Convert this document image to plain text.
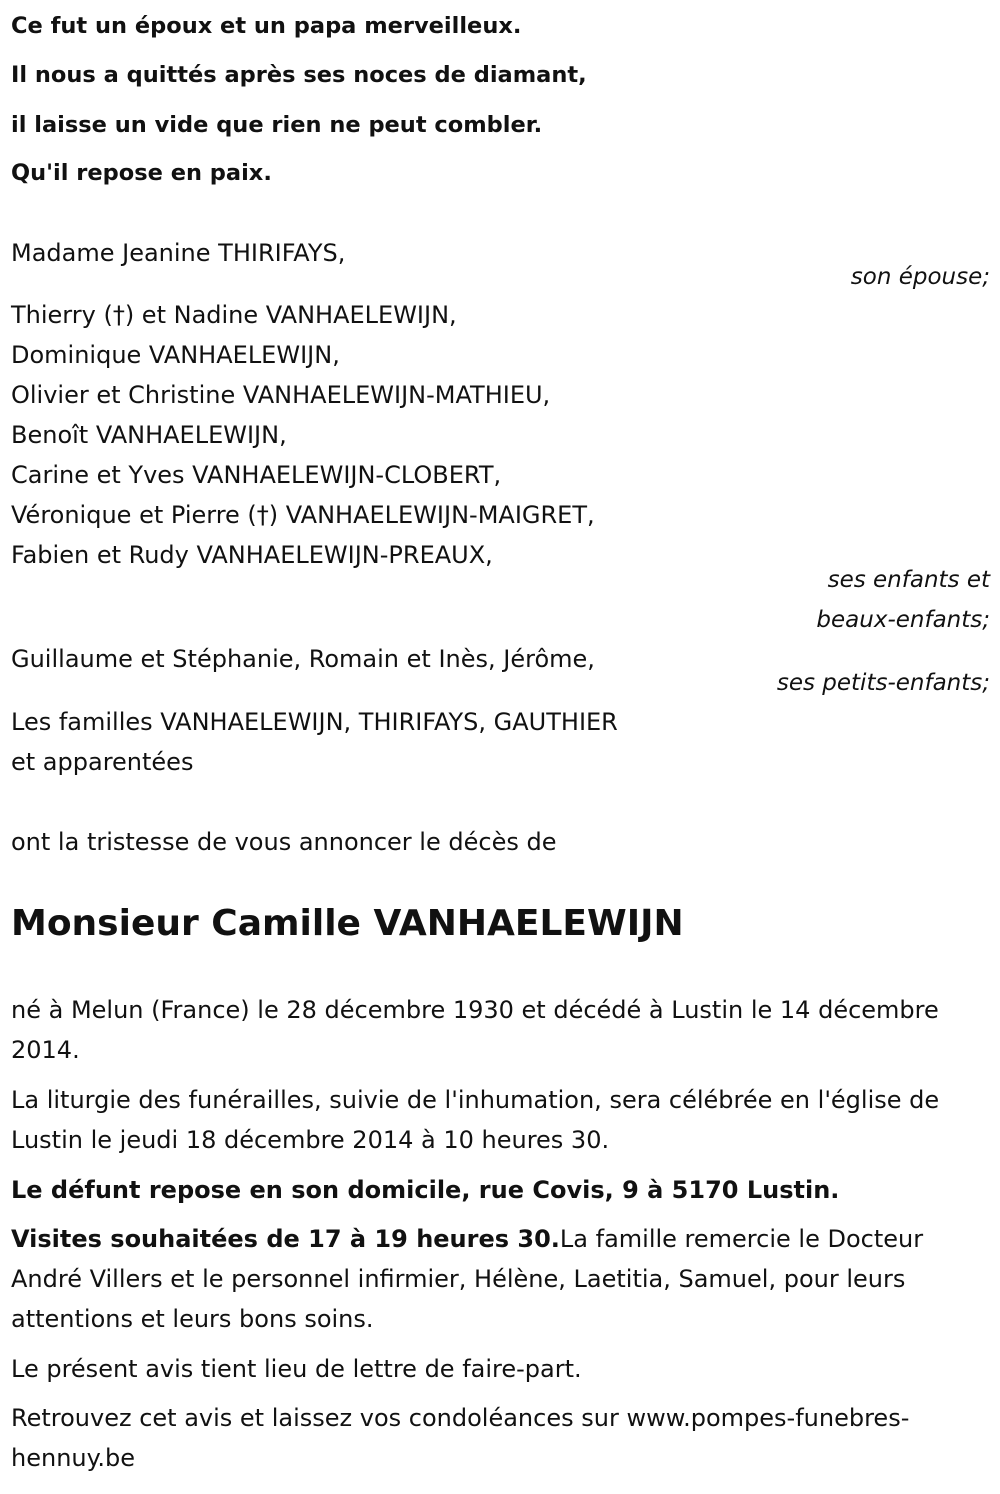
Ce fut un époux et un papa merveilleux.
Il nous a quittés après ses noces de diamant,
il laisse un vide que rien ne peut combler.
Qu'il repose en paix.
Madame Jeanine THIRIFAYS,
son épouse;
Thierry (†) et Nadine VANHAELEWIJN,
Dominique VANHAELEWIJN,
Olivier et Christine VANHAELEWIJN-MATHIEU,
Benoît VANHAELEWIJN,
Carine et Yves VANHAELEWIJN-CLOBERT,
Véronique et Pierre (†) VANHAELEWIJN-MAIGRET,
Fabien et Rudy VANHAELEWIJN-PREAUX,
ses enfants et
beaux-enfants;
Guillaume et Stéphanie, Romain et Inès, Jérôme,
ses petits-enfants;
Les familles VANHAELEWIJN, THIRIFAYS, GAUTHIER
et apparentées
ont la tristesse de vous annoncer le décès de
Monsieur Camille VANHAELEWIJN
né à Melun (France) le 28 décembre 1930 et décédé à Lustin le 14 décembre 2014.
La liturgie des funérailles, suivie de l'inhumation, sera célébrée en l'église de Lustin le jeudi 18 décembre 2014 à 10 heures 30.
Le défunt repose en son domicile, rue Covis, 9 à 5170 Lustin.
Visites souhaitées de 17 à 19 heures 30.La famille remercie le Docteur André Villers et le personnel infirmier, Hélène, Laetitia, Samuel, pour leurs attentions et leurs bons soins.
Le présent avis tient lieu de lettre de faire-part.
Retrouvez cet avis et laissez vos condoléances sur www.pompes-funebres-hennuy.be
